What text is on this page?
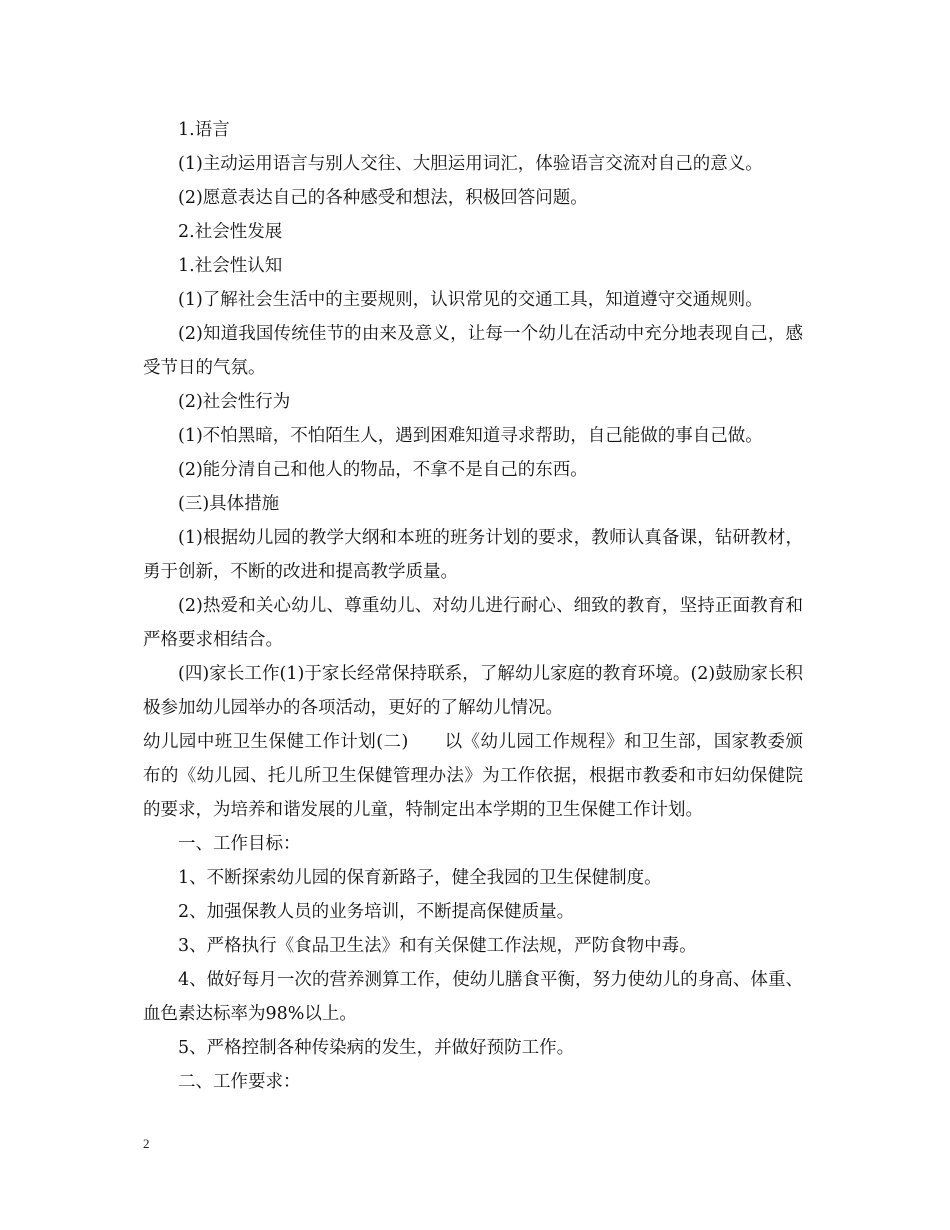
1.语言

(1)主动运用语言与别人交往、大胆运用词汇，体验语言交流对自己的意义。

(2)愿意表达自己的各种感受和想法，积极回答问题。

2.社会性发展

1.社会性认知

(1)了解社会生活中的主要规则，认识常见的交通工具，知道遵守交通规则。

(2)知道我国传统佳节的由来及意义，让每一个幼儿在活动中充分地表现自己，感受节日的气氛。

(2)社会性行为

(1)不怕黑暗，不怕陌生人，遇到困难知道寻求帮助，自己能做的事自己做。

(2)能分清自己和他人的物品，不拿不是自己的东西。

(三)具体措施

(1)根据幼儿园的教学大纲和本班的班务计划的要求，教师认真备课，钻研教材，勇于创新，不断的改进和提高教学质量。

(2)热爱和关心幼儿、尊重幼儿、对幼儿进行耐心、细致的教育，坚持正面教育和严格要求相结合。

(四)家长工作(1)于家长经常保持联系，了解幼儿家庭的教育环境。(2)鼓励家长积极参加幼儿园举办的各项活动，更好的了解幼儿情况。

幼儿园中班卫生保健工作计划(二)　　以《幼儿园工作规程》和卫生部，国家教委颁布的《幼儿园、托儿所卫生保健管理办法》为工作依据，根据市教委和市妇幼保健院的要求，为培养和谐发展的儿童，特制定出本学期的卫生保健工作计划。

一、工作目标：

1、不断探索幼儿园的保育新路子，健全我园的卫生保健制度。

2、加强保教人员的业务培训，不断提高保健质量。

3、严格执行《食品卫生法》和有关保健工作法规，严防食物中毒。

4、做好每月一次的营养测算工作，使幼儿膳食平衡，努力使幼儿的身高、体重、血色素达标率为98%以上。

5、严格控制各种传染病的发生，并做好预防工作。

二、工作要求：

2
